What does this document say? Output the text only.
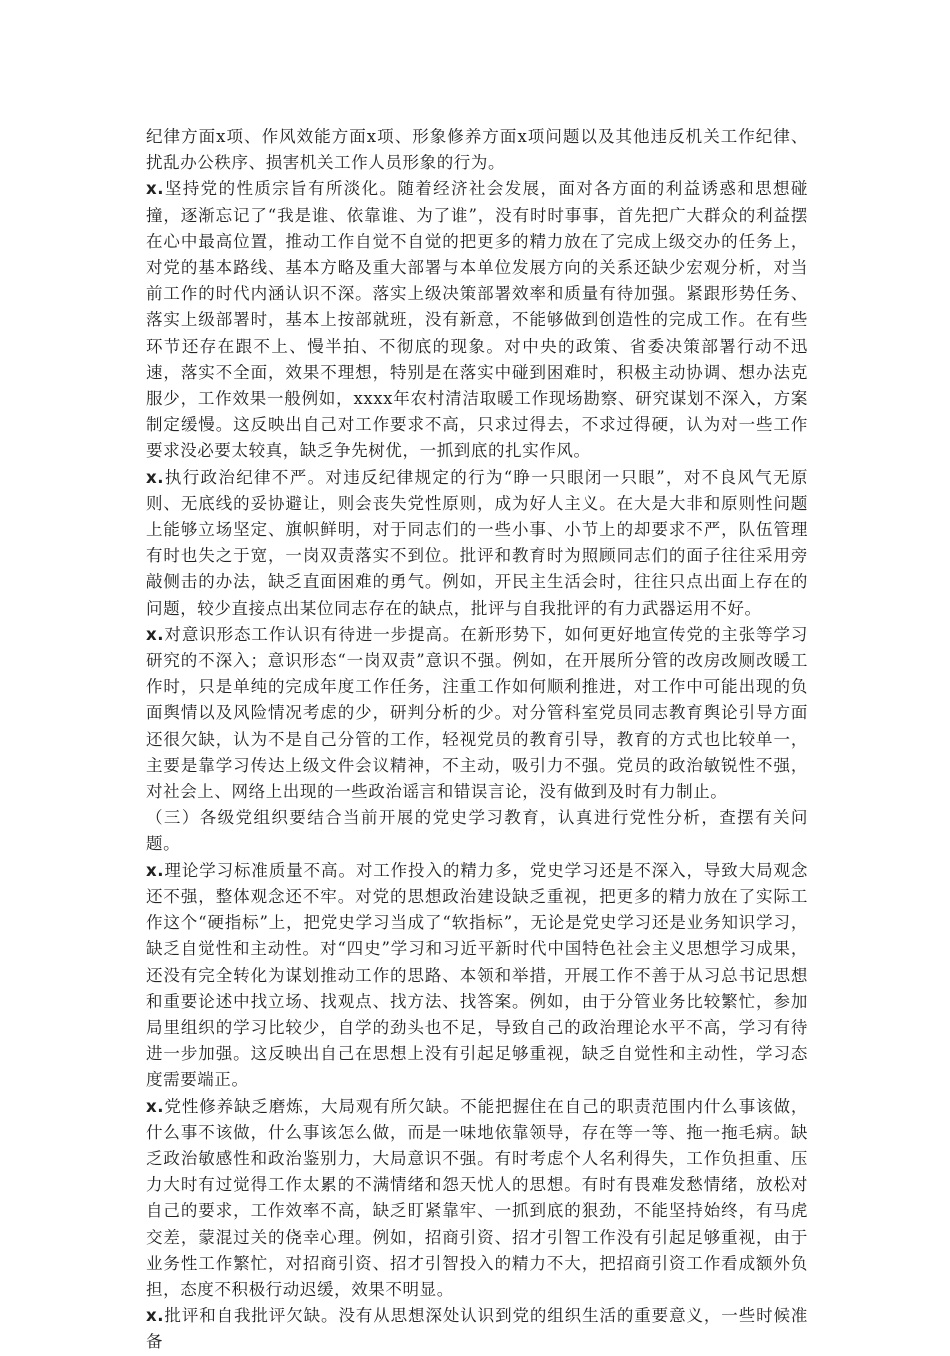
纪律方面x项、作风效能方面x项、形象修养方面x项问题以及其他违反机关工作纪律、扰乱办公秩序、损害机关工作人员形象的行为。

x.坚持党的性质宗旨有所淡化。随着经济社会发展，面对各方面的利益诱惑和思想碰撞，逐渐忘记了“我是谁、依靠谁、为了谁”，没有时时事事，首先把广大群众的利益摆在心中最高位置，推动工作自觉不自觉的把更多的精力放在了完成上级交办的任务上，对党的基本路线、基本方略及重大部署与本单位发展方向的关系还缺少宏观分析，对当前工作的时代内涵认识不深。落实上级决策部署效率和质量有待加强。紧跟形势任务、落实上级部署时，基本上按部就班，没有新意，不能够做到创造性的完成工作。在有些环节还存在跟不上、慢半拍、不彻底的现象。对中央的政策、省委决策部署行动不迅速，落实不全面，效果不理想，特别是在落实中碰到困难时，积极主动协调、想办法克服少，工作效果一般例如，xxxx年农村清洁取暖工作现场勘察、研究谋划不深入，方案制定缓慢。这反映出自己对工作要求不高，只求过得去，不求过得硬，认为对一些工作要求没必要太较真，缺乏争先树优，一抓到底的扎实作风。

x.执行政治纪律不严。对违反纪律规定的行为“睁一只眼闭一只眼”，对不良风气无原则、无底线的妥协避让，则会丧失党性原则，成为好人主义。在大是大非和原则性问题上能够立场坚定、旗帜鲜明，对于同志们的一些小事、小节上的却要求不严，队伍管理有时也失之于宽，一岗双责落实不到位。批评和教育时为照顾同志们的面子往往采用旁敲侧击的办法，缺乏直面困难的勇气。例如，开民主生活会时，往往只点出面上存在的问题，较少直接点出某位同志存在的缺点，批评与自我批评的有力武器运用不好。

x.对意识形态工作认识有待进一步提高。在新形势下，如何更好地宣传党的主张等学习研究的不深入；意识形态“一岗双责”意识不强。例如，在开展所分管的改房改厕改暖工作时，只是单纯的完成年度工作任务，注重工作如何顺利推进，对工作中可能出现的负面舆情以及风险情况考虑的少，研判分析的少。对分管科室党员同志教育舆论引导方面还很欠缺，认为不是自己分管的工作，轻视党员的教育引导，教育的方式也比较单一，主要是靠学习传达上级文件会议精神，不主动，吸引力不强。党员的政治敏锐性不强，对社会上、网络上出现的一些政治谣言和错误言论，没有做到及时有力制止。

（三）各级党组织要结合当前开展的党史学习教育，认真进行党性分析，查摆有关问题。

x.理论学习标准质量不高。对工作投入的精力多，党史学习还是不深入，导致大局观念还不强，整体观念还不牢。对党的思想政治建设缺乏重视，把更多的精力放在了实际工作这个“硬指标”上，把党史学习当成了“软指标”，无论是党史学习还是业务知识学习，缺乏自觉性和主动性。对“四史”学习和习近平新时代中国特色社会主义思想学习成果，还没有完全转化为谋划推动工作的思路、本领和举措，开展工作不善于从习总书记思想和重要论述中找立场、找观点、找方法、找答案。例如，由于分管业务比较繁忙，参加局里组织的学习比较少，自学的劲头也不足，导致自己的政治理论水平不高，学习有待进一步加强。这反映出自己在思想上没有引起足够重视，缺乏自觉性和主动性，学习态度需要端正。

x.党性修养缺乏磨炼，大局观有所欠缺。不能把握住在自己的职责范围内什么事该做，什么事不该做，什么事该怎么做，而是一味地依靠领导，存在等一等、拖一拖毛病。缺乏政治敏感性和政治鉴别力，大局意识不强。有时考虑个人名利得失，工作负担重、压力大时有过觉得工作太累的不满情绪和怨天忧人的思想。有时有畏难发愁情绪，放松对自己的要求，工作效率不高，缺乏盯紧靠牢、一抓到底的狠劲，不能坚持始终，有马虎交差，蒙混过关的侥幸心理。例如，招商引资、招才引智工作没有引起足够重视，由于业务性工作繁忙，对招商引资、招才引智投入的精力不大，把招商引资工作看成额外负担，态度不积极行动迟缓，效果不明显。

x.批评和自我批评欠缺。没有从思想深处认识到党的组织生活的重要意义，一些时候准备
